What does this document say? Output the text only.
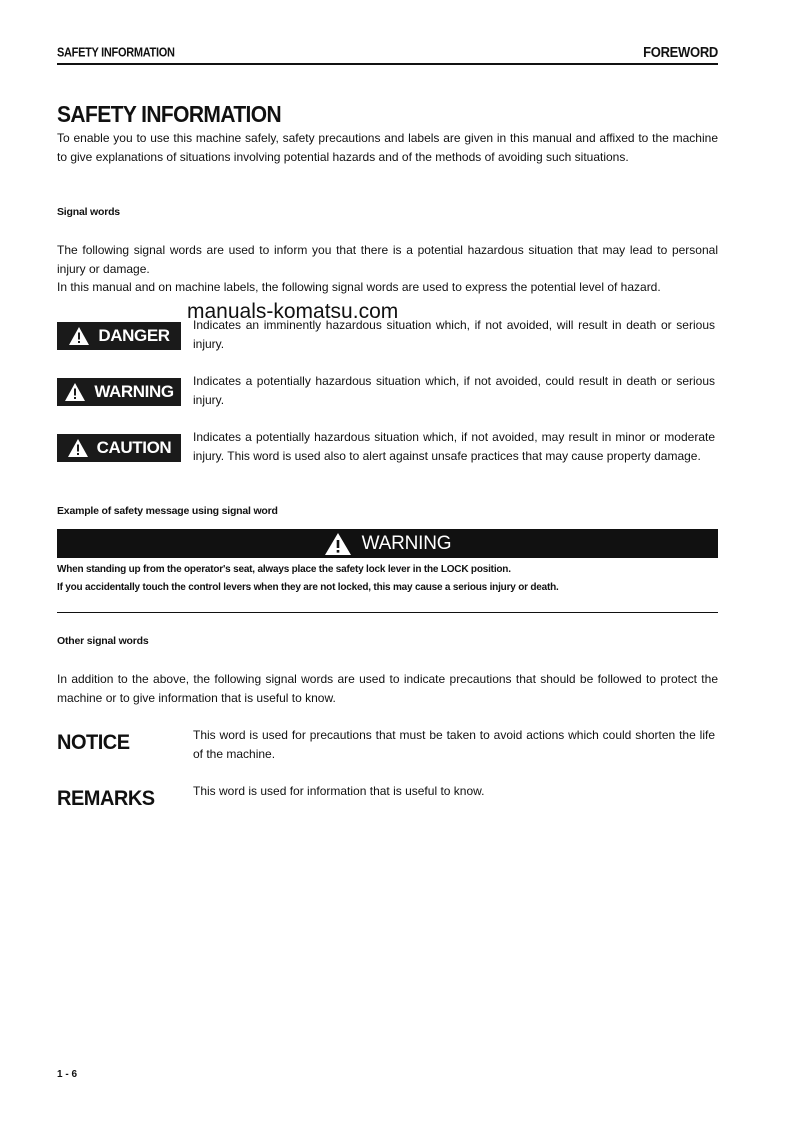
SAFETY INFORMATION	FOREWORD
SAFETY INFORMATION

To enable you to use this machine safely, safety precautions and labels are given in this manual and affixed to the machine to give explanations of situations involving potential hazards and of the methods of avoiding such situations.

Signal words

The following signal words are used to inform you that there is a potential hazardous situation that may lead to personal injury or damage.

In this manual and on machine labels, the following signal words are used to express the potential level of hazard.

manuals-komatsu.com
DANGER

Indicates an imminently hazardous situation which, if not avoided, will result in death or serious injury.

WARNING

Indicates a potentially hazardous situation which, if not avoided, could result in death or serious injury.

CAUTION

Indicates a potentially hazardous situation which, if not avoided, may result in minor or moderate injury. This word is used also to alert against unsafe practices that may cause property damage.

Example of safety message using signal word

WARNING

When standing up from the operator's seat, always place the safety lock lever in the LOCK position.

If you accidentally touch the control levers when they are not locked, this may cause a serious injury or death.

Other signal words

In addition to the above, the following signal words are used to indicate precautions that should be followed to protect the machine or to give information that is useful to know.

NOTICE	This word is used for precautions that must be taken to avoid actions which could shorten the life of the machine.

REMARKS	This word is used for information that is useful to know.

1 - 6
